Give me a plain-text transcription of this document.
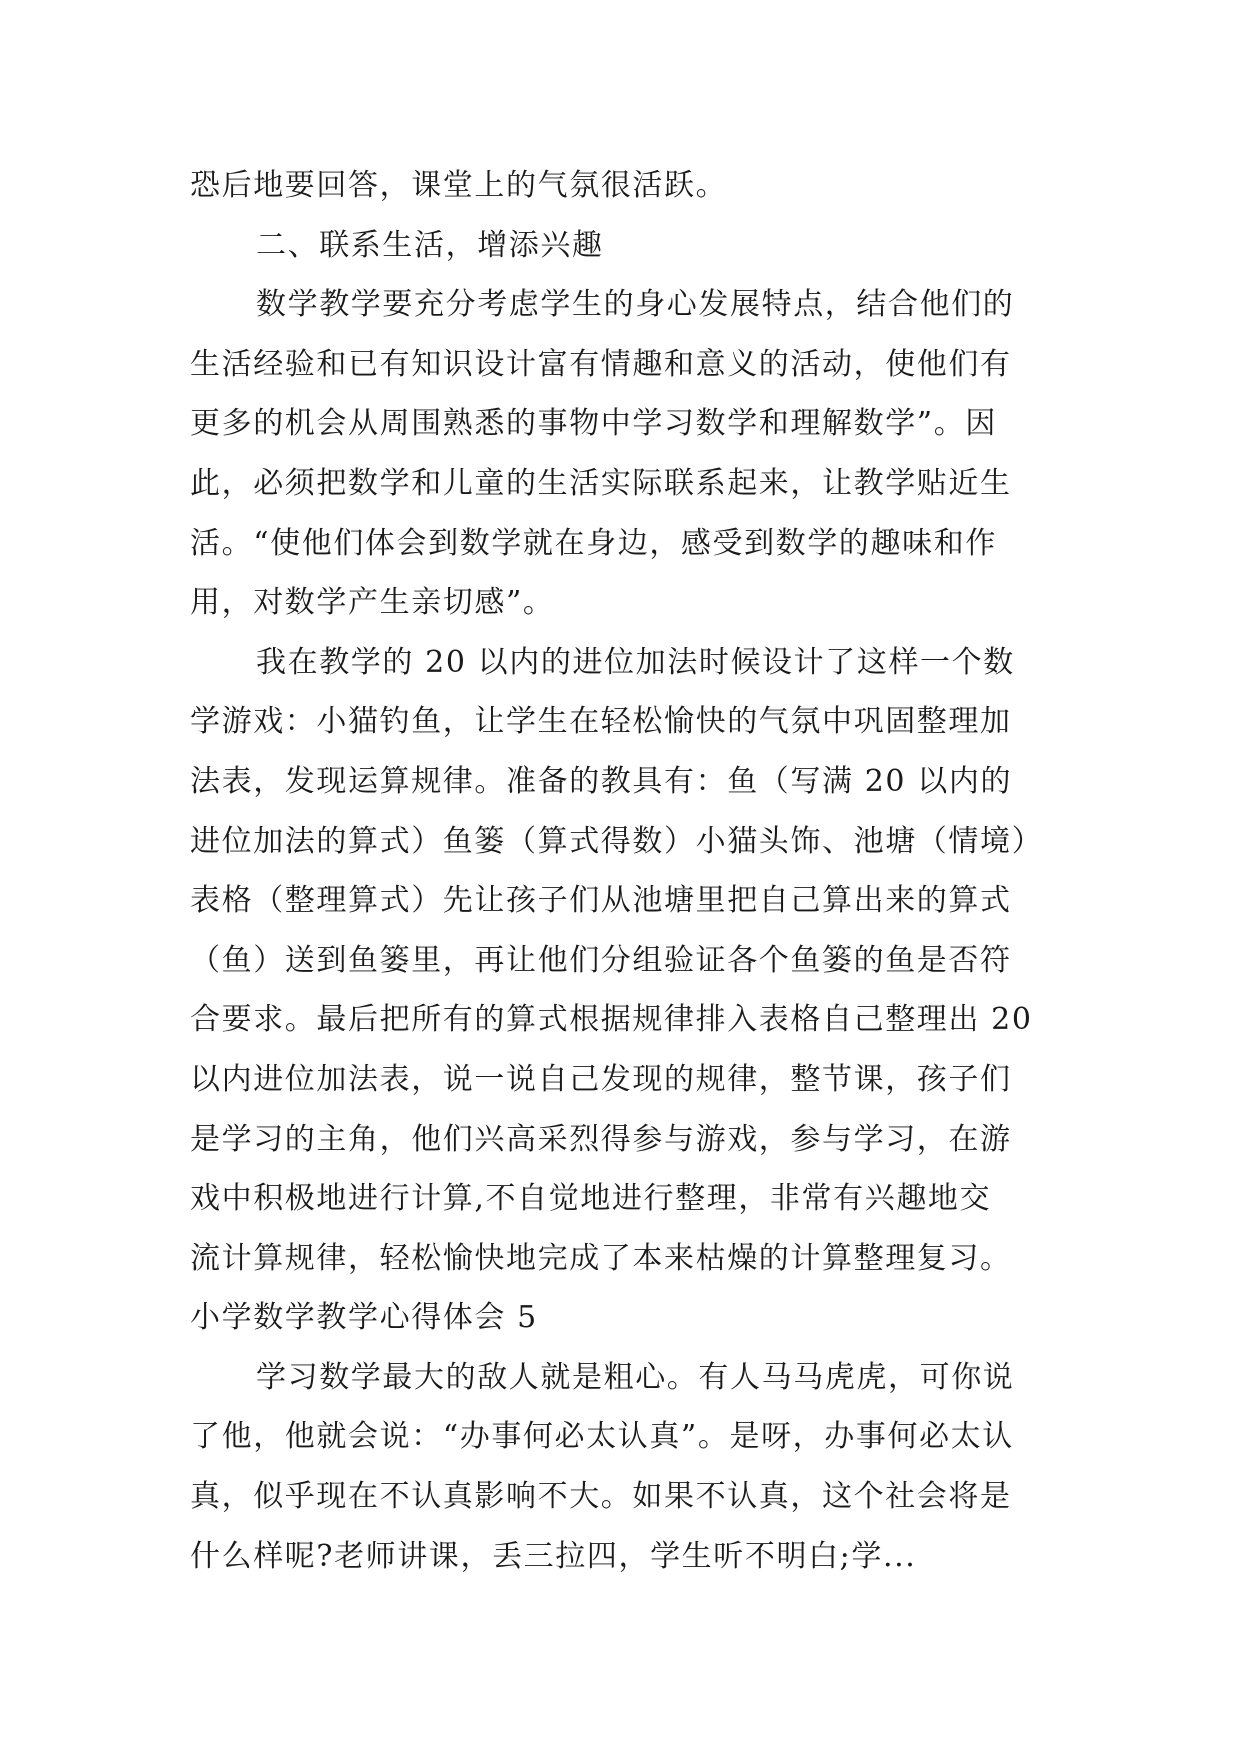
恐后地要回答，课堂上的气氛很活跃。
二、联系生活，增添兴趣
数学教学要充分考虑学生的身心发展特点，结合他们的
生活经验和已有知识设计富有情趣和意义的活动，使他们有
更多的机会从周围熟悉的事物中学习数学和理解数学”。因
此，必须把数学和儿童的生活实际联系起来，让教学贴近生
活。“使他们体会到数学就在身边，感受到数学的趣味和作
用，对数学产生亲切感”。
我在教学的 20 以内的进位加法时候设计了这样一个数
学游戏：小猫钓鱼，让学生在轻松愉快的气氛中巩固整理加
法表，发现运算规律。准备的教具有：鱼（写满 20 以内的
进位加法的算式）鱼篓（算式得数）小猫头饰、池塘（情境）
表格（整理算式）先让孩子们从池塘里把自己算出来的算式
（鱼）送到鱼篓里，再让他们分组验证各个鱼篓的鱼是否符
合要求。最后把所有的算式根据规律排入表格自己整理出 20
以内进位加法表，说一说自己发现的规律，整节课，孩子们
是学习的主角，他们兴高采烈得参与游戏，参与学习，在游
戏中积极地进行计算,不自觉地进行整理，非常有兴趣地交
流计算规律，轻松愉快地完成了本来枯燥的计算整理复习。
小学数学教学心得体会 5
学习数学最大的敌人就是粗心。有人马马虎虎，可你说
了他，他就会说：“办事何必太认真”。是呀，办事何必太认
真，似乎现在不认真影响不大。如果不认真，这个社会将是
什么样呢?老师讲课，丢三拉四，学生听不明白;学...
